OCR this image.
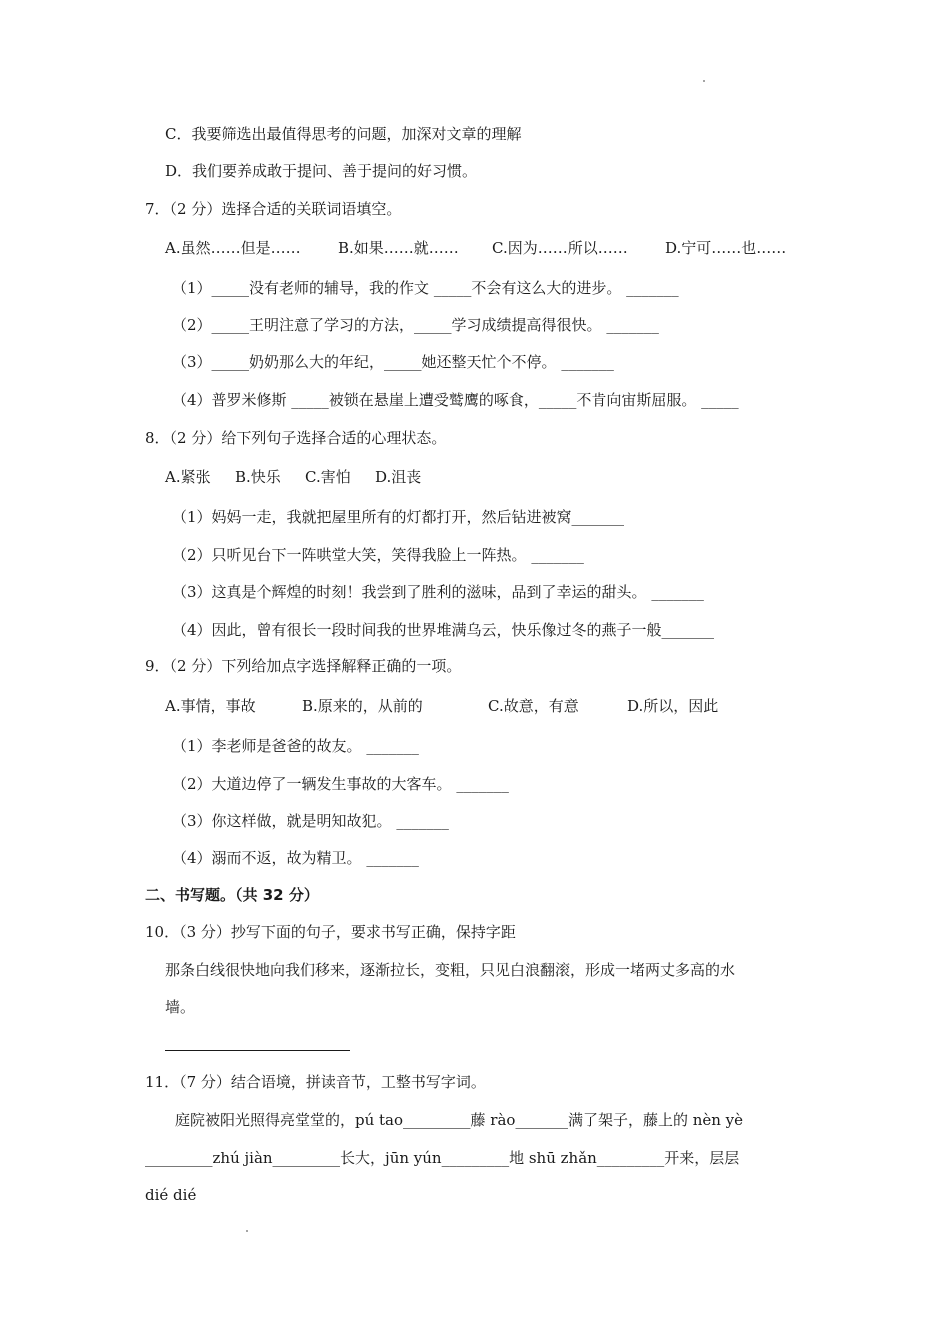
C．我要筛选出最值得思考的问题，加深对文章的理解
D．我们要养成敢于提问、善于提问的好习惯。
7．（2 分）选择合适的关联词语填空。
A.虽然……但是…… B.如果……就…… C.因为……所以…… D.宁可……也……
（1）_____没有老师的辅导，我的作文 _____不会有这么大的进步。 _______
（2）_____王明注意了学习的方法，_____学习成绩提高得很快。 _______
（3）_____奶奶那么大的年纪，_____她还整天忙个不停。 _______
（4）普罗米修斯 _____被锁在悬崖上遭受鹫鹰的啄食，_____不肯向宙斯屈服。 _____
8．（2 分）给下列句子选择合适的心理状态。
A.紧张 B.快乐 C.害怕 D.沮丧
（1）妈妈一走，我就把屋里所有的灯都打开，然后钻进被窝_______
（2）只听见台下一阵哄堂大笑，笑得我脸上一阵热。 _______
（3）这真是个辉煌的时刻！我尝到了胜利的滋味，品到了幸运的甜头。 _______
（4）因此，曾有很长一段时间我的世界堆满乌云，快乐像过冬的燕子一般_______
9．（2 分）下列给加点字选择解释正确的一项。
A.事情，事故	B.原来的，从前的	C.故意，有意	D.所以，因此
（1）李老师是爸爸的故友。 _______
（2）大道边停了一辆发生事故的大客车。 _______
（3）你这样做，就是明知故犯。 _______
（4）溺而不返，故为精卫。 _______
二、书写题。（共 32 分）
10．（3 分）抄写下面的句子，要求书写正确，保持字距
那条白线很快地向我们移来，逐渐拉长，变粗，只见白浪翻滚，形成一堵两丈多高的水
墙。
11．（7 分）结合语境，拼读音节，工整书写字词。
庭院被阳光照得亮堂堂的，pú tao_________藤 rào_______满了架子，藤上的 nèn yè
_________zhú jiàn_________长大，jūn yún_________地 shū zhǎn_________开来，层层
dié dié
